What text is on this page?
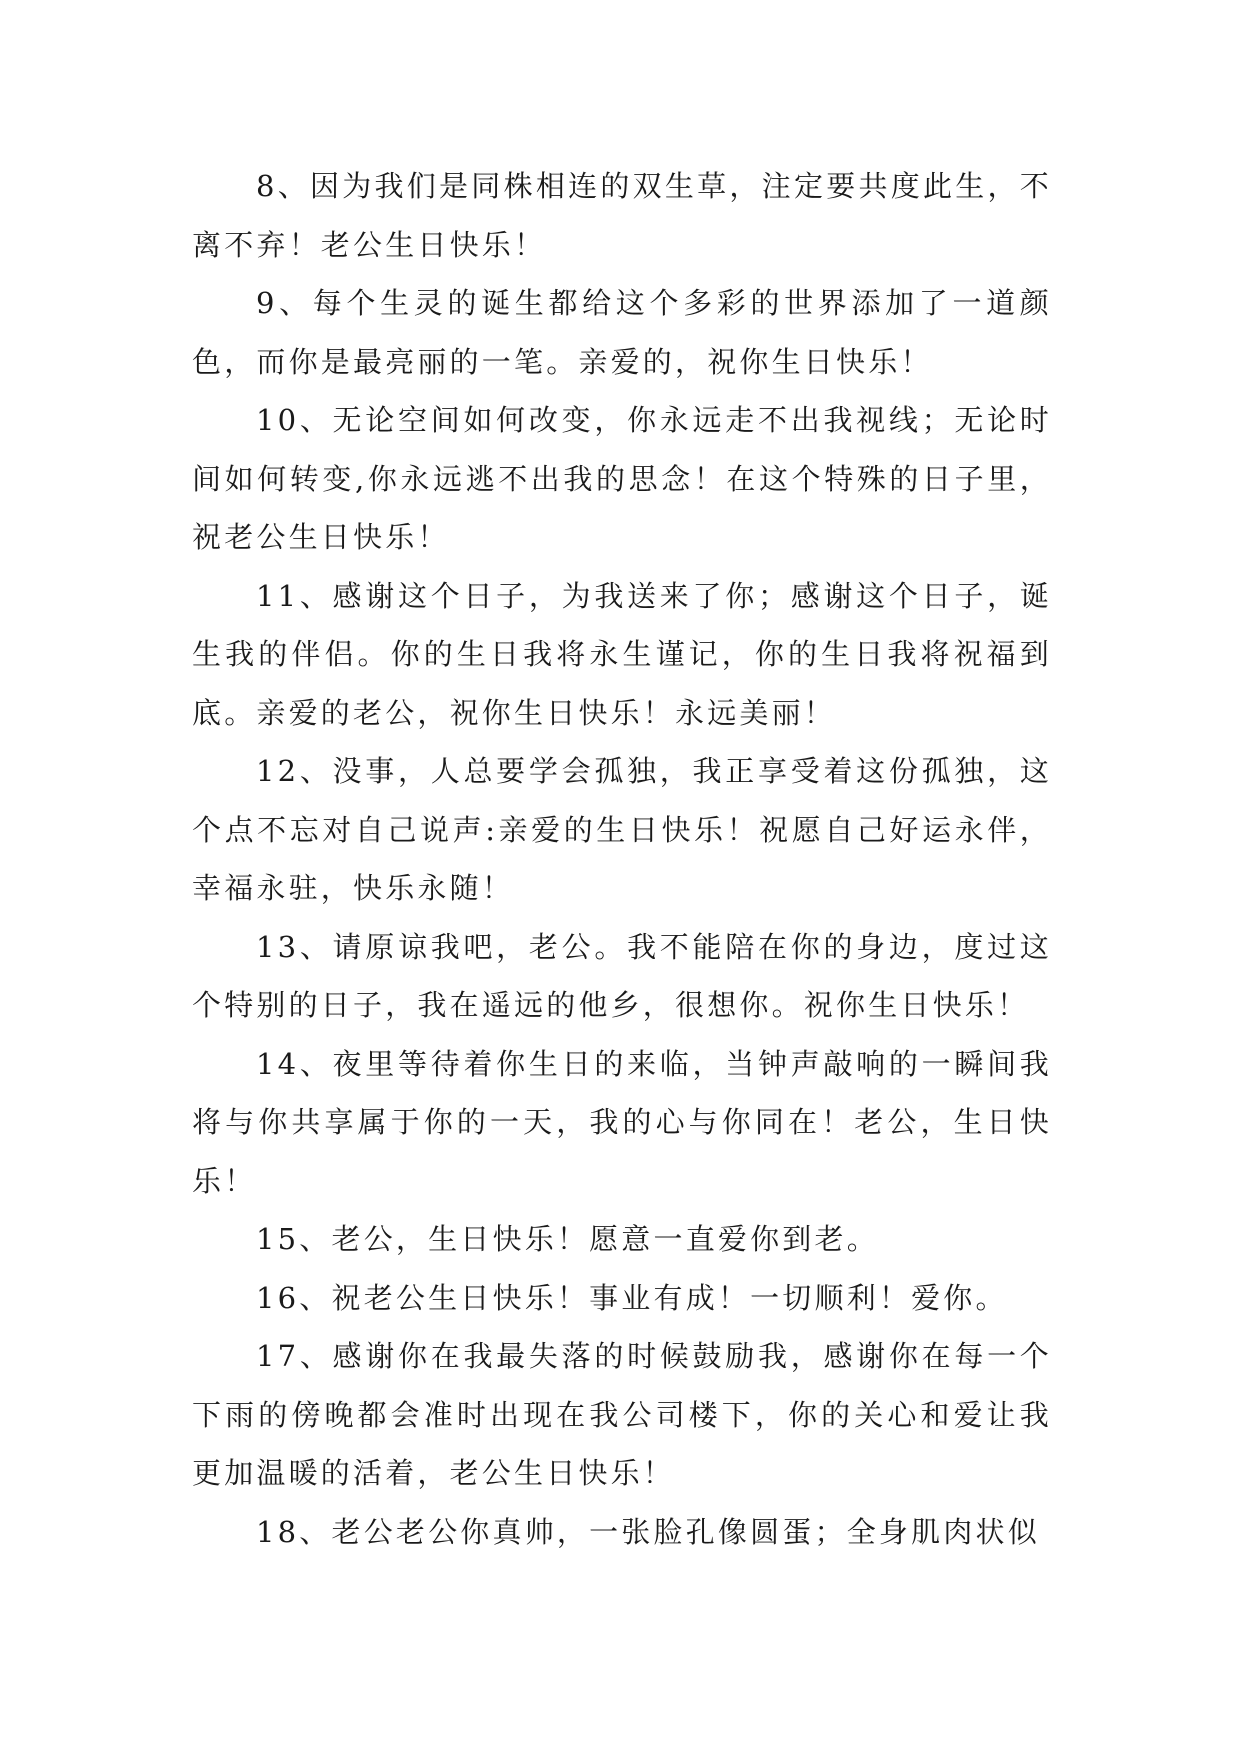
8、因为我们是同株相连的双生草，注定要共度此生，不离不弃！老公生日快乐！

9、每个生灵的诞生都给这个多彩的世界添加了一道颜色，而你是最亮丽的一笔。亲爱的，祝你生日快乐！

10、无论空间如何改变，你永远走不出我视线；无论时间如何转变,你永远逃不出我的思念！在这个特殊的日子里，祝老公生日快乐！

11、感谢这个日子，为我送来了你；感谢这个日子，诞生我的伴侣。你的生日我将永生谨记，你的生日我将祝福到底。亲爱的老公，祝你生日快乐！永远美丽！

12、没事，人总要学会孤独，我正享受着这份孤独，这个点不忘对自己说声:亲爱的生日快乐！祝愿自己好运永伴，幸福永驻，快乐永随！

13、请原谅我吧，老公。我不能陪在你的身边，度过这个特别的日子，我在遥远的他乡，很想你。祝你生日快乐！

14、夜里等待着你生日的来临，当钟声敲响的一瞬间我将与你共享属于你的一天，我的心与你同在！老公，生日快乐！

15、老公，生日快乐！愿意一直爱你到老。

16、祝老公生日快乐！事业有成！一切顺利！爱你。

17、感谢你在我最失落的时候鼓励我，感谢你在每一个下雨的傍晚都会准时出现在我公司楼下，你的关心和爱让我更加温暖的活着，老公生日快乐！

18、老公老公你真帅，一张脸孔像圆蛋；全身肌肉状似
